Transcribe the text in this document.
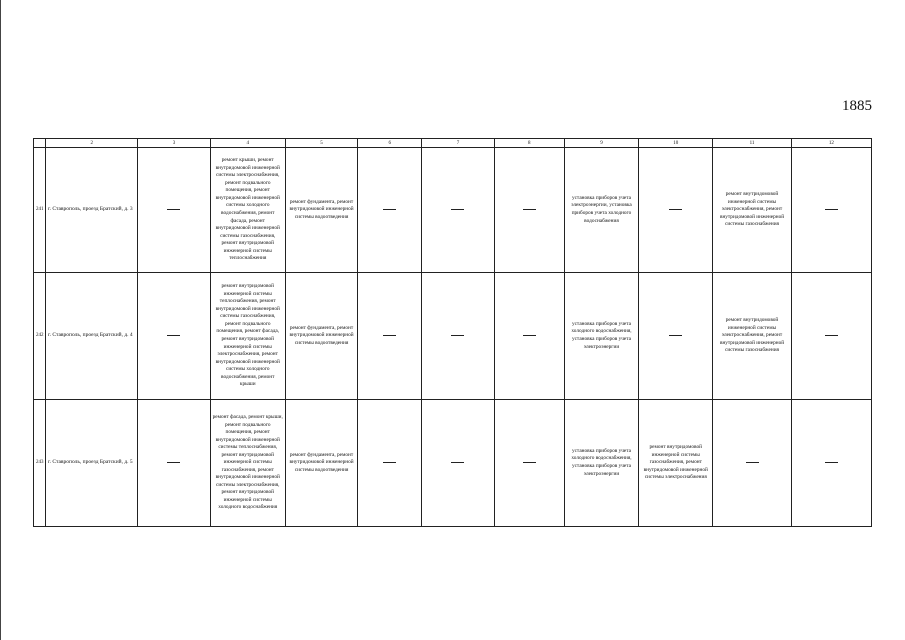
1885
	2	3	4	5	6	7	8	9	10	11	12
241	г. Ставрополь, проезд Братский, д. 3		ремонт крыши, ремонт внутридомовой инженерной системы электроснабжения, ремонт подвального помещения, ремонт внутридомовой инженерной системы холодного водоснабжения, ремонт фасада, ремонт внутридомовой инженерной системы газоснабжения, ремонт внутридомовой инженерной системы теплоснабжения	ремонт фундамента, ремонт внутридомовой инженерной системы водоотведения				установка приборов учета электроэнергии, установка приборов учета холодного водоснабжения		ремонт внутридомовой инженерной системы электроснабжения, ремонт внутридомовой инженерной системы газоснабжения	
242	г. Ставрополь, проезд Братский, д. 4		ремонт внутридомовой инженерной системы теплоснабжения, ремонт внутридомовой инженерной системы газоснабжения, ремонт подвального помещения, ремонт фасада, ремонт внутридомовой инженерной системы электроснабжения, ремонт внутридомовой инженерной системы холодного водоснабжения, ремонт крыши	ремонт фундамента, ремонт внутридомовой инженерной системы водоотведения				установка приборов учета холодного водоснабжения, установка приборов учета электроэнергии		ремонт внутридомовой инженерной системы электроснабжения, ремонт внутридомовой инженерной системы газоснабжения	
243	г. Ставрополь, проезд Братский, д. 5		ремонт фасада, ремонт крыши, ремонт подвального помещения, ремонт внутридомовой инженерной системы теплоснабжения, ремонт внутридомовой инженерной системы газоснабжения, ремонт внутридомовой инженерной системы электроснабжения, ремонт внутридомовой инженерной системы холодного водоснабжения	ремонт фундамента, ремонт внутридомовой инженерной системы водоотведения				установка приборов учета холодного водоснабжения, установка приборов учета электроэнергии	ремонт внутридомовой инженерной системы газоснабжения, ремонт внутридомовой инженерной системы электроснабжения		
